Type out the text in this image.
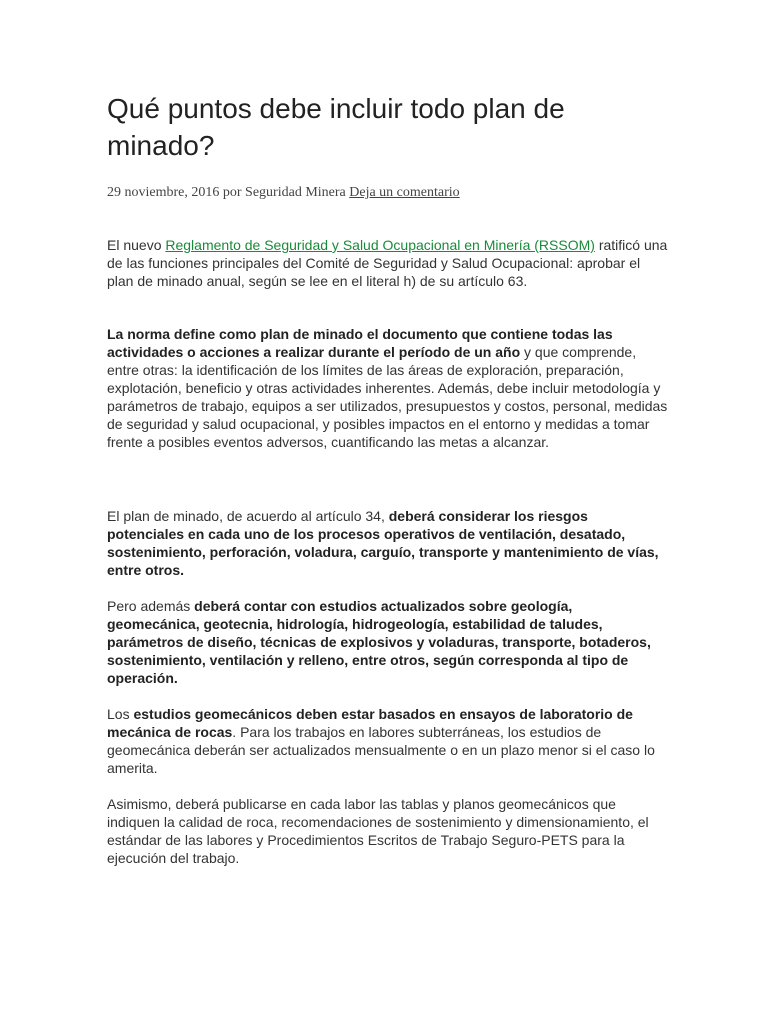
Qué puntos debe incluir todo plan de minado?
29 noviembre, 2016 por Seguridad Minera Deja un comentario

El nuevo Reglamento de Seguridad y Salud Ocupacional en Minería (RSSOM) ratificó una de las funciones principales del Comité de Seguridad y Salud Ocupacional: aprobar el plan de minado anual, según se lee en el literal h) de su artículo 63.

La norma define como plan de minado el documento que contiene todas las actividades o acciones a realizar durante el período de un año y que comprende, entre otras: la identificación de los límites de las áreas de exploración, preparación, explotación, beneficio y otras actividades inherentes. Además, debe incluir metodología y parámetros de trabajo, equipos a ser utilizados, presupuestos y costos, personal, medidas de seguridad y salud ocupacional, y posibles impactos en el entorno y medidas a tomar frente a posibles eventos adversos, cuantificando las metas a alcanzar.

El plan de minado, de acuerdo al artículo 34, deberá considerar los riesgos potenciales en cada uno de los procesos operativos de ventilación, desatado, sostenimiento, perforación, voladura, carguío, transporte y mantenimiento de vías, entre otros.

Pero además deberá contar con estudios actualizados sobre geología, geomecánica, geotecnia, hidrología, hidrogeología, estabilidad de taludes, parámetros de diseño, técnicas de explosivos y voladuras, transporte, botaderos, sostenimiento, ventilación y relleno, entre otros, según corresponda al tipo de operación.

Los estudios geomecánicos deben estar basados en ensayos de laboratorio de mecánica de rocas. Para los trabajos en labores subterráneas, los estudios de geomecánica deberán ser actualizados mensualmente o en un plazo menor si el caso lo amerita.

Asimismo, deberá publicarse en cada labor las tablas y planos geomecánicos que indiquen la calidad de roca, recomendaciones de sostenimiento y dimensionamiento, el estándar de las labores y Procedimientos Escritos de Trabajo Seguro-PETS para la ejecución del trabajo.
